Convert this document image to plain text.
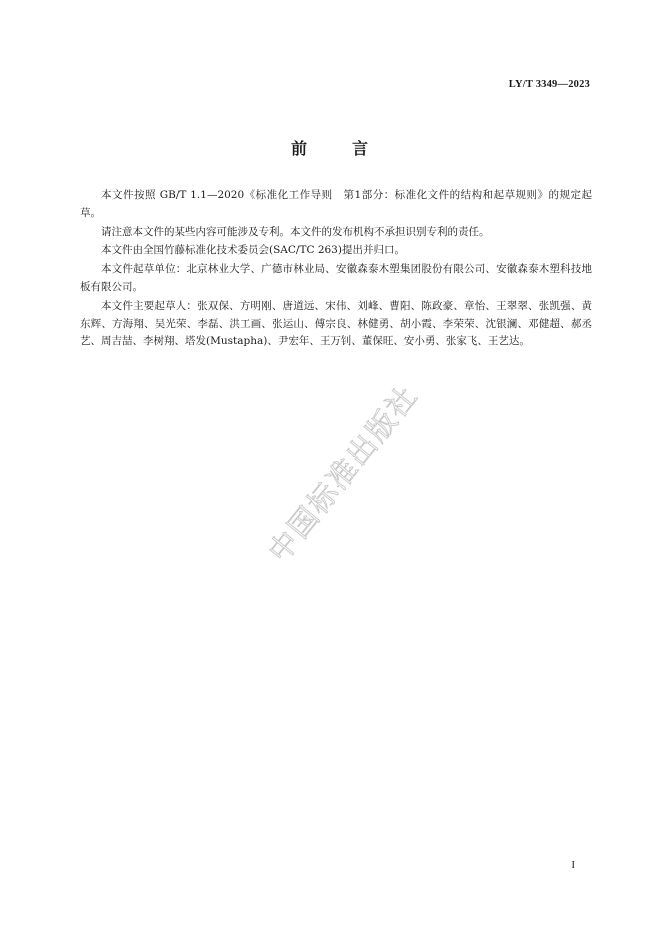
LY/T 3349—2023
前	言

本文件按照 GB/T 1.1—2020《标准化工作导则　第1部分：标准化文件的结构和起草规则》的规定起草。

请注意本文件的某些内容可能涉及专利。本文件的发布机构不承担识别专利的责任。

本文件由全国竹藤标准化技术委员会(SAC/TC 263)提出并归口。

本文件起草单位：北京林业大学、广德市林业局、安徽森泰木塑集团股份有限公司、安徽森泰木塑科技地板有限公司。

本文件主要起草人：张双保、方明刚、唐道远、宋伟、刘峰、曹阳、陈政豪、章怡、王翠翠、张凯强、黄东辉、方海翔、吴光荣、李磊、洪工画、张运山、傅宗良、林健勇、胡小霞、李荣荣、沈银澜、邓健超、郝丞艺、周吉喆、李树翔、塔发(Mustapha)、尹宏年、王万钊、董保旺、安小勇、张家飞、王艺达。

中国标准出版社
I
